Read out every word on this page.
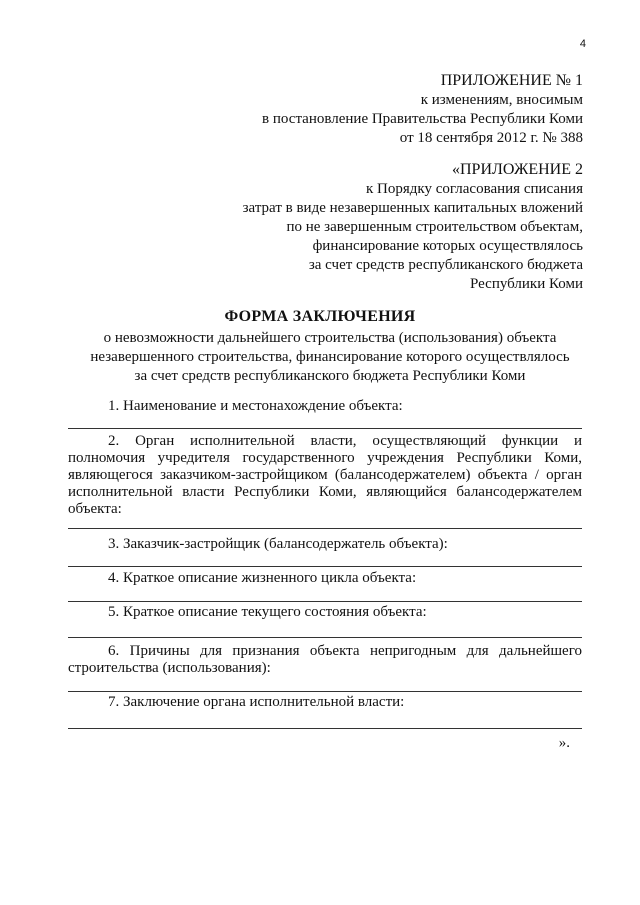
4
ПРИЛОЖЕНИЕ № 1
к изменениям, вносимым
в постановление Правительства Республики Коми
от 18 сентября 2012 г. № 388
«ПРИЛОЖЕНИЕ 2
к Порядку согласования списания
затрат в виде незавершенных капитальных вложений
по не завершенным строительством объектам,
финансирование которых осуществлялось
за счет средств республиканского бюджета
Республики Коми
ФОРМА ЗАКЛЮЧЕНИЯ
о невозможности дальнейшего строительства (использования) объекта
незавершенного строительства, финансирование которого осуществлялось
за счет средств республиканского бюджета Республики Коми
1. Наименование и местонахождение объекта:
2. Орган исполнительной власти, осуществляющий функции и полномочия учредителя государственного учреждения Республики Коми, являющегося заказчиком-застройщиком (балансодержателем) объекта / орган исполнительной власти Республики Коми, являющийся балансодержателем объекта:
3. Заказчик-застройщик (балансодержатель объекта):
4. Краткое описание жизненного цикла объекта:
5. Краткое описание текущего состояния объекта:
6. Причины для признания объекта непригодным для дальнейшего строительства (использования):
7. Заключение органа исполнительной власти:
».
